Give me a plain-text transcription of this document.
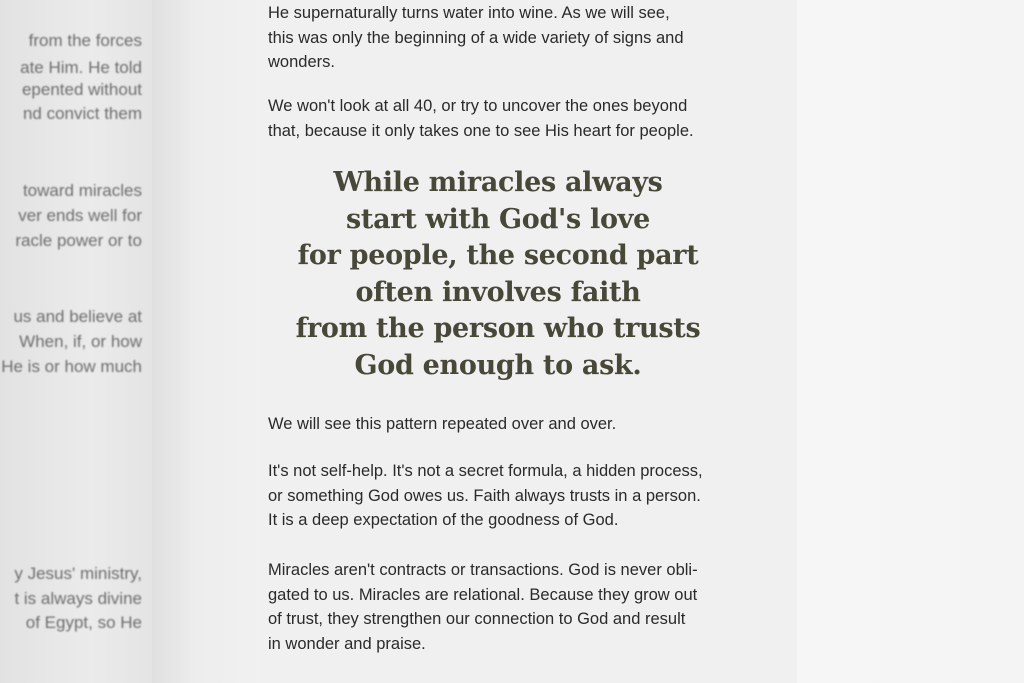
from the forces
ate Him. He told
epented without
nd convict them
toward miracles
ver ends well for
racle power or to
us and believe at
When, if, or how
He is or how much
y Jesus' ministry,
t is always divine
of Egypt, so He

He supernaturally turns water into wine. As we will see,
this was only the beginning of a wide variety of signs and
wonders.

We won't look at all 40, or try to uncover the ones beyond
that, because it only takes one to see His heart for people.

While miracles always
start with God's love
for people, the second part
often involves faith
from the person who trusts
God enough to ask.

We will see this pattern repeated over and over.

It's not self-help. It's not a secret formula, a hidden process,
or something God owes us. Faith always trusts in a person.
It is a deep expectation of the goodness of God.

Miracles aren't contracts or transactions. God is never obli-
gated to us. Miracles are relational. Because they grow out
of trust, they strengthen our connection to God and result
in wonder and praise.
